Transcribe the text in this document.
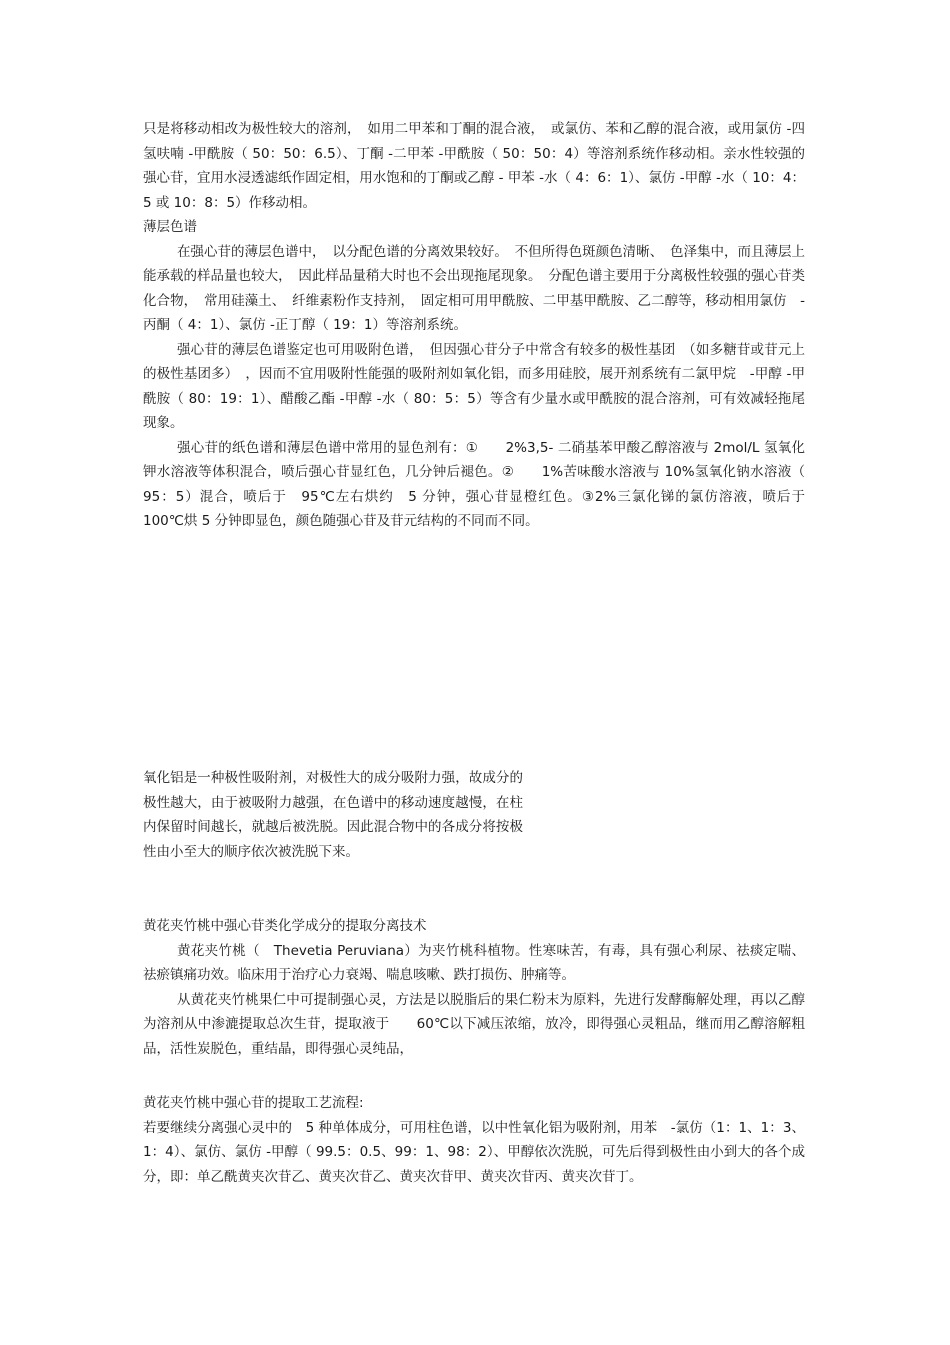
只是将移动相改为极性较大的溶剂，　如用二甲苯和丁酮的混合液，　或氯仿、苯和乙醇的混合液，或用氯仿 -四氢呋喃 -甲酰胺（ 50：50：6.5）、丁酮 -二甲苯 -甲酰胺（ 50：50：4）等溶剂系统作移动相。亲水性较强的强心苷，宜用水浸透滤纸作固定相，用水饱和的丁酮或乙醇 - 甲苯 -水（ 4：6：1）、氯仿 -甲醇 -水（ 10：4：5 或 10：8：5）作移动相。

薄层色谱

在强心苷的薄层色谱中，　以分配色谱的分离效果较好。　不但所得色斑颜色清晰、　色泽集中，而且薄层上能承载的样品量也较大，　因此样品量稍大时也不会出现拖尾现象。　分配色谱主要用于分离极性较强的强心苷类化合物，　常用硅藻土、　纤维素粉作支持剂，　固定相可用甲酰胺、二甲基甲酰胺、乙二醇等，移动相用氯仿　-丙酮（ 4：1）、氯仿 -正丁醇（ 19：1）等溶剂系统。

强心苷的薄层色谱鉴定也可用吸附色谱，　但因强心苷分子中常含有较多的极性基团　（如多糖苷或苷元上的极性基团多）　，因而不宜用吸附性能强的吸附剂如氧化铝，而多用硅胶，展开剂系统有二氯甲烷　-甲醇 -甲酰胺（ 80：19：1）、醋酸乙酯 -甲醇 -水（ 80：5：5）等含有少量水或甲酰胺的混合溶剂，可有效减轻拖尾现象。

强心苷的纸色谱和薄层色谱中常用的显色剂有：①　　2%3,5- 二硝基苯甲酸乙醇溶液与 2mol/L 氢氧化钾水溶液等体积混合，喷后强心苷显红色，几分钟后褪色。②　　1%苦味酸水溶液与 10%氢氧化钠水溶液（　95：5）混合，喷后于　95℃左右烘约　5 分钟，强心苷显橙红色。③2%三氯化锑的氯仿溶液，喷后于　100℃烘 5 分钟即显色，颜色随强心苷及苷元结构的不同而不同。

氧化铝是一种极性吸附剂，对极性大的成分吸附力强，故成分的极性越大，由于被吸附力越强，在色谱中的移动速度越慢，在柱内保留时间越长，就越后被洗脱。因此混合物中的各成分将按极性由小至大的顺序依次被洗脱下来。

黄花夹竹桃中强心苷类化学成分的提取分离技术

黄花夹竹桃（　Thevetia Peruviana）为夹竹桃科植物。性寒味苦，有毒，具有强心利尿、祛痰定喘、祛瘀镇痛功效。临床用于治疗心力衰竭、喘息咳嗽、跌打损伤、肿痛等。

从黄花夹竹桃果仁中可提制强心灵，方法是以脱脂后的果仁粉末为原料，先进行发酵酶解处理，再以乙醇为溶剂从中渗漉提取总次生苷，提取液于　　60℃以下减压浓缩，放冷，即得强心灵粗品，继而用乙醇溶解粗品，活性炭脱色，重结晶，即得强心灵纯品，

黄花夹竹桃中强心苷的提取工艺流程:

若要继续分离强心灵中的　5 种单体成分，可用柱色谱，以中性氧化铝为吸附剂，用苯　-氯仿（1：1、1：3、1：4）、氯仿、氯仿 -甲醇（ 99.5：0.5、99：1、98：2）、甲醇依次洗脱，可先后得到极性由小到大的各个成分，即：单乙酰黄夹次苷乙、黄夹次苷乙、黄夹次苷甲、黄夹次苷丙、黄夹次苷丁。
